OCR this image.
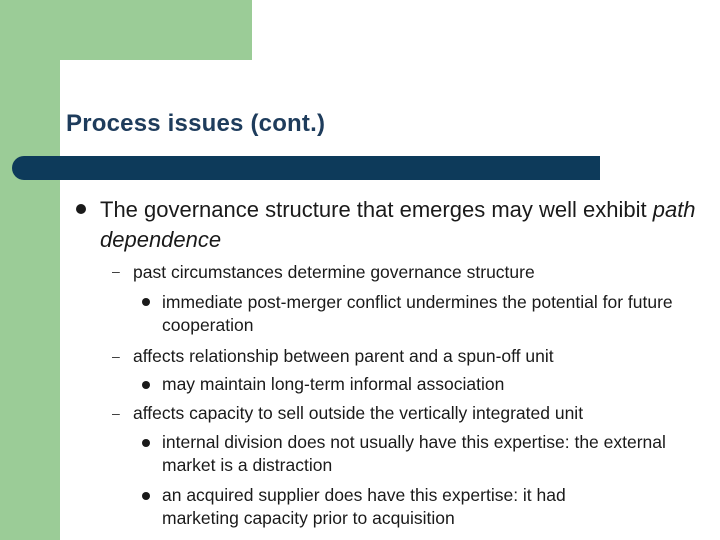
Process issues (cont.)
The governance structure that emerges may well exhibit path dependence
– past circumstances determine governance structure
immediate post-merger conflict undermines the potential for future cooperation
– affects relationship between parent and a spun-off unit
may maintain long-term informal association
– affects capacity to sell outside the vertically integrated unit
internal division does not usually have this expertise: the external market is a distraction
an acquired supplier does have this expertise: it had marketing capacity prior to acquisition
